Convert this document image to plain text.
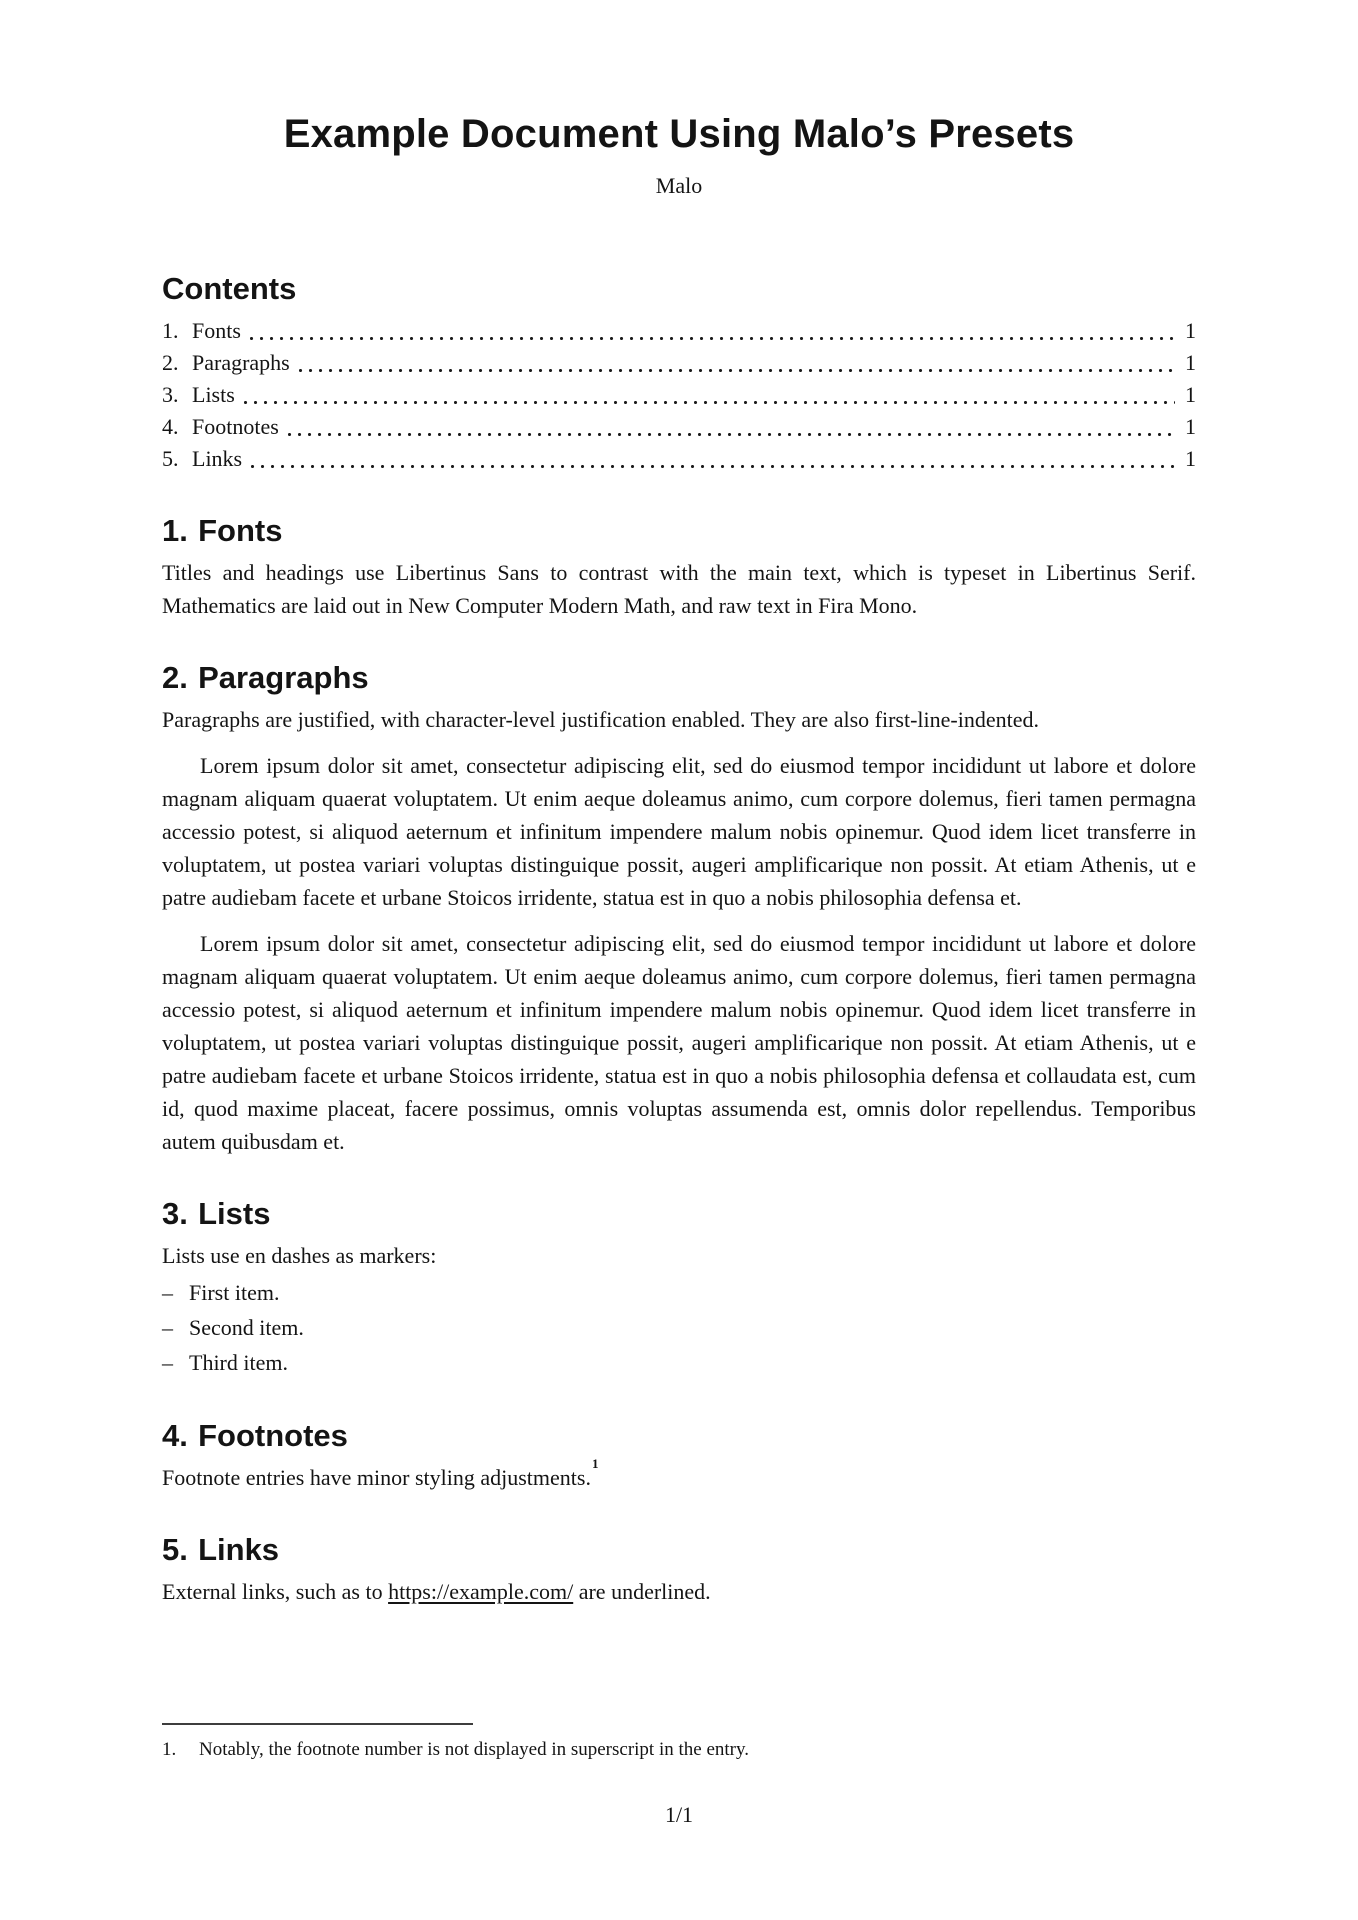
Example Document Using Malo’s Presets
Malo
Contents
1. Fonts	1
2. Paragraphs	1
3. Lists	1
4. Footnotes	1
5. Links	1
1. Fonts

Titles and headings use Libertinus Sans to contrast with the main text, which is typeset in Libertinus Serif. Mathematics are laid out in New Computer Modern Math, and raw text in Fira Mono.

2. Paragraphs

Paragraphs are justified, with character-level justification enabled. They are also first-line-indented.

Lorem ipsum dolor sit amet, consectetur adipiscing elit, sed do eiusmod tempor incididunt ut labore et dolore magnam aliquam quaerat voluptatem. Ut enim aeque doleamus animo, cum corpore dolemus, fieri tamen permagna accessio potest, si aliquod aeternum et infinitum impendere malum nobis opinemur. Quod idem licet transferre in voluptatem, ut postea variari voluptas distinguique possit, augeri amplificarique non possit. At etiam Athenis, ut e patre audiebam facete et urbane Stoicos irridente, statua est in quo a nobis philosophia defensa et.

Lorem ipsum dolor sit amet, consectetur adipiscing elit, sed do eiusmod tempor incididunt ut labore et dolore magnam aliquam quaerat voluptatem. Ut enim aeque doleamus animo, cum corpore dolemus, fieri tamen permagna accessio potest, si aliquod aeternum et infinitum impendere malum nobis opinemur. Quod idem licet transferre in voluptatem, ut postea variari voluptas distinguique possit, augeri amplificarique non possit. At etiam Athenis, ut e patre audiebam facete et urbane Stoicos irridente, statua est in quo a nobis philosophia defensa et collaudata est, cum id, quod maxime placeat, facere possimus, omnis voluptas assumenda est, omnis dolor repellendus. Temporibus autem quibusdam et.

3. Lists

Lists use en dashes as markers:

– First item.
– Second item.
– Third item.
4. Footnotes

Footnote entries have minor styling adjustments.$^1$

5. Links

External links, such as to https://example.com/ are underlined.

1.	Notably, the footnote number is not displayed in superscript in the entry.
1/1
